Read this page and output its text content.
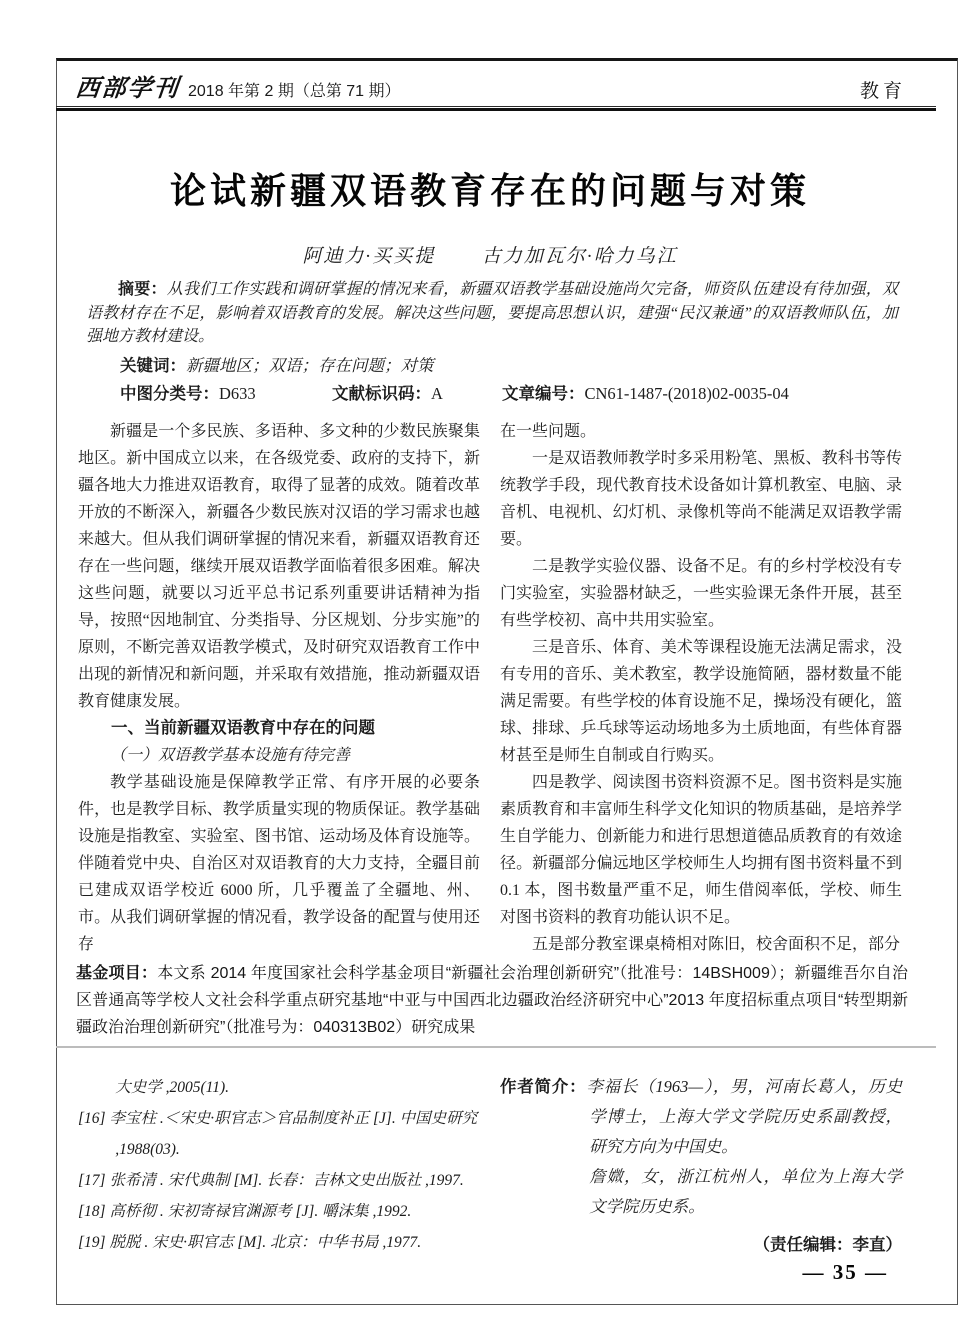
西部学刊 2018 年第 2 期（总第 71 期）	教育
论试新疆双语教育存在的问题与对策
阿迪力·买买提 古力加瓦尔·哈力乌江

摘要：从我们工作实践和调研掌握的情况来看，新疆双语教学基础设施尚欠完备，师资队伍建设有待加强，双语教材存在不足，影响着双语教育的发展。解决这些问题，要提高思想认识，建强“民汉兼通”的双语教师队伍，加强地方教材建设。

关键词：新疆地区；双语；存在问题；对策

中图分类号：D633	文献标识码：A	文章编号：CN61-1487-(2018)02-0035-04

新疆是一个多民族、多语种、多文种的少数民族聚集地区。新中国成立以来，在各级党委、政府的支持下，新疆各地大力推进双语教育，取得了显著的成效。随着改革开放的不断深入，新疆各少数民族对汉语的学习需求也越来越大。但从我们调研掌握的情况来看，新疆双语教育还存在一些问题，继续开展双语教学面临着很多困难。解决这些问题，就要以习近平总书记系列重要讲话精神为指导，按照“因地制宜、分类指导、分区规划、分步实施”的原则，不断完善双语教学模式，及时研究双语教育工作中出现的新情况和新问题，并采取有效措施，推动新疆双语教育健康发展。

一、当前新疆双语教育中存在的问题

（一）双语教学基本设施有待完善

教学基础设施是保障教学正常、有序开展的必要条件，也是教学目标、教学质量实现的物质保证。教学基础设施是指教室、实验室、图书馆、运动场及体育设施等。伴随着党中央、自治区对双语教育的大力支持，全疆目前已建成双语学校近 6000 所，几乎覆盖了全疆地、州、市。从我们调研掌握的情况看，教学设备的配置与使用还存

在一些问题。

一是双语教师教学时多采用粉笔、黑板、教科书等传统教学手段，现代教育技术设备如计算机教室、电脑、录音机、电视机、幻灯机、录像机等尚不能满足双语教学需要。

二是教学实验仪器、设备不足。有的乡村学校没有专门实验室，实验器材缺乏，一些实验课无条件开展，甚至有些学校初、高中共用实验室。

三是音乐、体育、美术等课程设施无法满足需求，没有专用的音乐、美术教室，教学设施简陋，器材数量不能满足需要。有些学校的体育设施不足，操场没有硬化，篮球、排球、乒乓球等运动场地多为土质地面，有些体育器材甚至是师生自制或自行购买。

四是教学、阅读图书资料资源不足。图书资料是实施素质教育和丰富师生科学文化知识的物质基础，是培养学生自学能力、创新能力和进行思想道德品质教育的有效途径。新疆部分偏远地区学校师生人均拥有图书资料量不到 0.1 本，图书数量严重不足，师生借阅率低，学校、师生对图书资料的教育功能认识不足。

五是部分教室课桌椅相对陈旧，校舍面积不足，部分

基金项目：本文系 2014 年度国家社会科学基金项目“新疆社会治理创新研究”（批准号：14BSH009）；新疆维吾尔自治区普通高等学校人文社会科学重点研究基地“中亚与中国西北边疆政治经济研究中心”2013 年度招标重点项目“转型期新疆政治治理创新研究”（批准号为：040313B02）研究成果

大史学 ,2005(11).

[16] 李宝柱 .＜宋史·职官志＞官品制度补正 [J]. 中国史研究 ,1988(03).

[17] 张希清 . 宋代典制 [M]. 长春：吉林文史出版社 ,1997.

[18] 高桥彻 . 宋初寄禄官渊源考 [J]. 嚼沫集 ,1992.

[19] 脱脱 . 宋史·职官志 [M]. 北京：中华书局 ,1977.

作者简介：李福长（1963—），男，河南长葛人，历史学博士，上海大学文学院历史系副教授，研究方向为中国史。

詹媺，女，浙江杭州人，单位为上海大学文学院历史系。

（责任编辑：李直）

— 35 —
